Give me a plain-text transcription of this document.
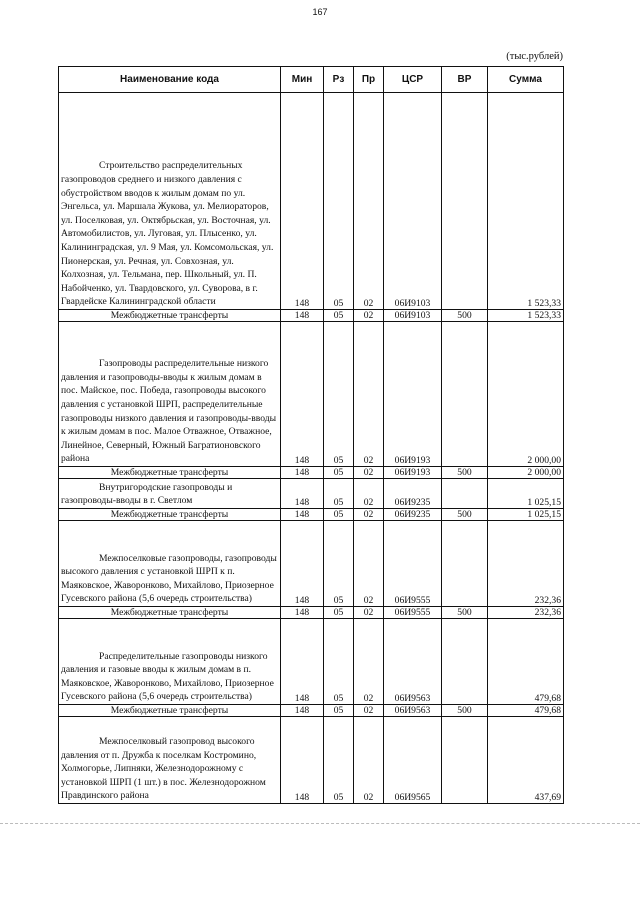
167
(тыс.рублей)
Наименование кода	Мин	Рз	Пр	ЦСР	ВР	Сумма

Строительство распределительных газопроводов среднего и низкого давления с обустройством вводов к жилым домам по ул. Энгельса, ул. Маршала Жукова, ул. Мелиораторов, ул. Поселковая, ул. Октябрьская, ул. Восточная, ул. Автомобилистов, ул. Луговая, ул. Плысенко, ул. Калининградская, ул. 9 Мая, ул. Комсомольская, ул. Пионерская, ул. Речная, ул. Совхозная, ул. Колхозная, ул. Тельмана, пер. Школьный, ул. П. Набойченко, ул. Твардовского, ул. Суворова, в г. Гвардейске Калининградской области	148	05	02	06И9103		1 523,33
Межбюджетные трансферты	148	05	02	06И9103	500	1 523,33

Газопроводы распределительные низкого давления и газопроводы-вводы к жилым домам в пос. Майское, пос. Победа, газопроводы высокого давления с установкой ШРП, распределительные газопроводы низкого давления и газопроводы-вводы к жилым домам в пос. Малое Отважное, Отважное, Линейное, Северный, Южный Багратионовского района	148	05	02	06И9193		2 000,00
Межбюджетные трансферты	148	05	02	06И9193	500	2 000,00

Внутригородские газопроводы и газопроводы-вводы в г. Светлом	148	05	02	06И9235		1 025,15
Межбюджетные трансферты	148	05	02	06И9235	500	1 025,15

Межпоселковые газопроводы, газопроводы высокого давления с установкой ШРП к п. Маяковское, Жаворонково, Михайлово, Приозерное Гусевского района (5,6 очередь строительства)	148	05	02	06И9555		232,36
Межбюджетные трансферты	148	05	02	06И9555	500	232,36

Распределительные газопроводы низкого давления и газовые вводы к жилым домам в п. Маяковское, Жаворонково, Михайлово, Приозерное Гусевского района (5,6 очередь строительства)	148	05	02	06И9563		479,68
Межбюджетные трансферты	148	05	02	06И9563	500	479,68

Межпоселковый газопровод высокого давления от п. Дружба к поселкам Костромино, Холмогорье, Липняки, Железнодорожному с установкой ШРП (1 шт.) в пос. Железнодорожном Правдинского района	148	05	02	06И9565		437,69
